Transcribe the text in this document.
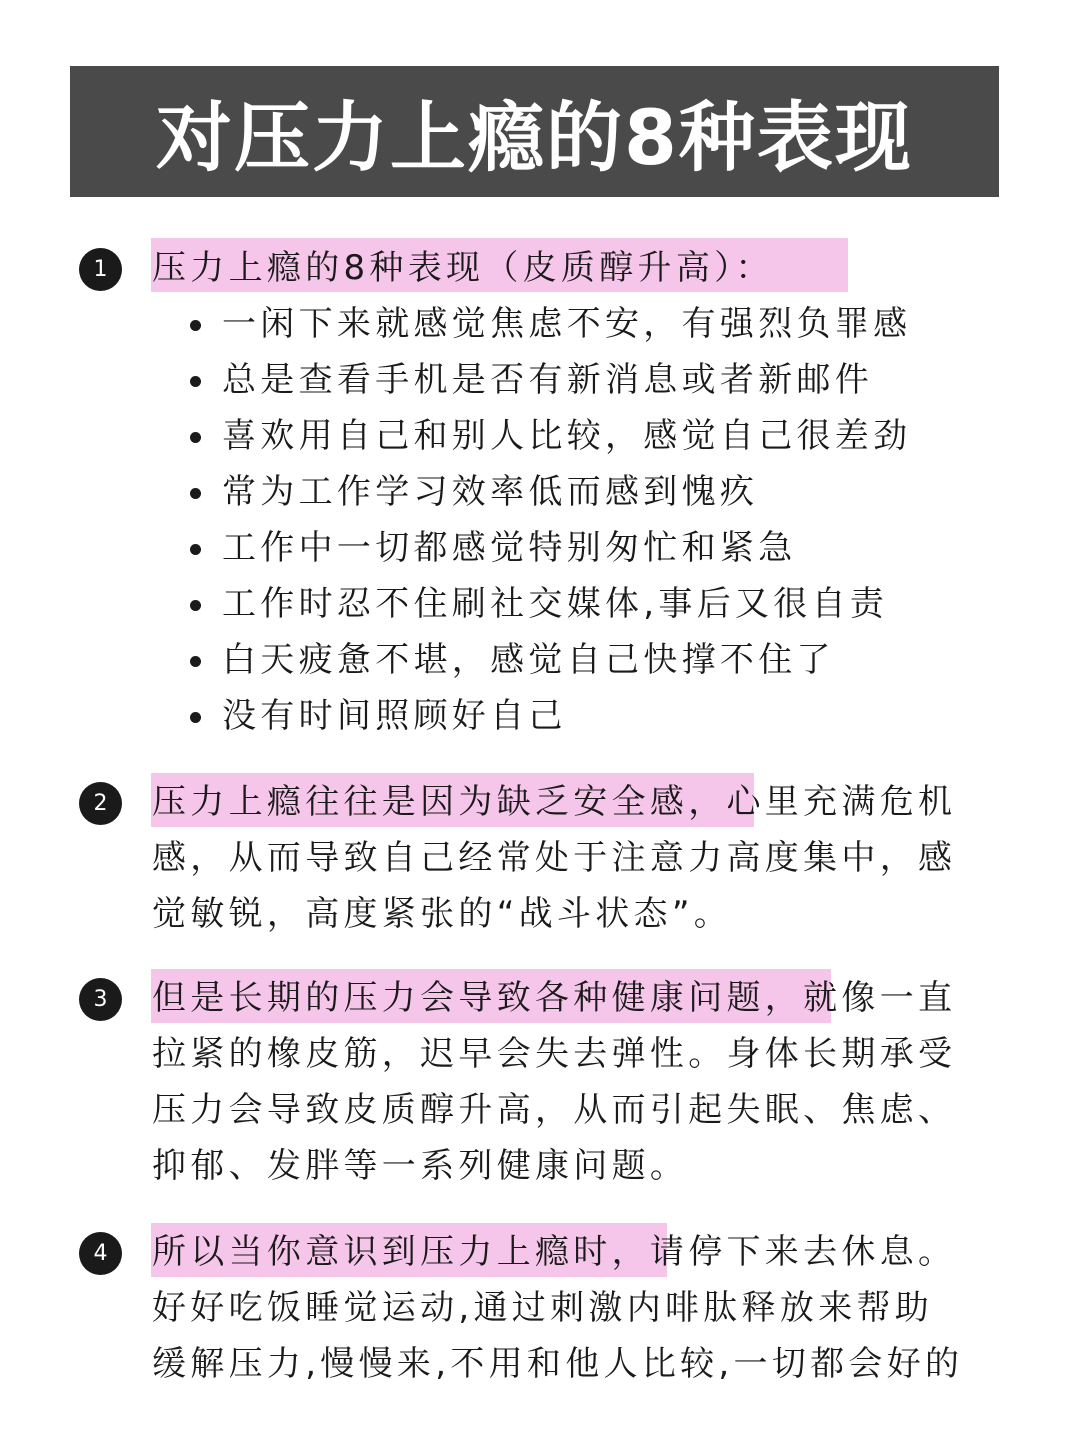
对压力上瘾的8种表现
1	压力上瘾的8种表现（皮质醇升高）：
一闲下来就感觉焦虑不安，有强烈负罪感
总是查看手机是否有新消息或者新邮件
喜欢用自己和别人比较，感觉自己很差劲
常为工作学习效率低而感到愧疚
工作中一切都感觉特别匆忙和紧急
工作时忍不住刷社交媒体,事后又很自责
白天疲惫不堪，感觉自己快撑不住了
没有时间照顾好自己
2	压力上瘾往往是因为缺乏安全感，心里充满危机
感，从而导致自己经常处于注意力高度集中，感
觉敏锐，高度紧张的“战斗状态”。
3	但是长期的压力会导致各种健康问题，就像一直
拉紧的橡皮筋，迟早会失去弹性。身体长期承受
压力会导致皮质醇升高，从而引起失眠、焦虑、
抑郁、发胖等一系列健康问题。
4	所以当你意识到压力上瘾时，请停下来去休息。
好好吃饭睡觉运动,通过刺激内啡肽释放来帮助
缓解压力,慢慢来,不用和他人比较,一切都会好的
